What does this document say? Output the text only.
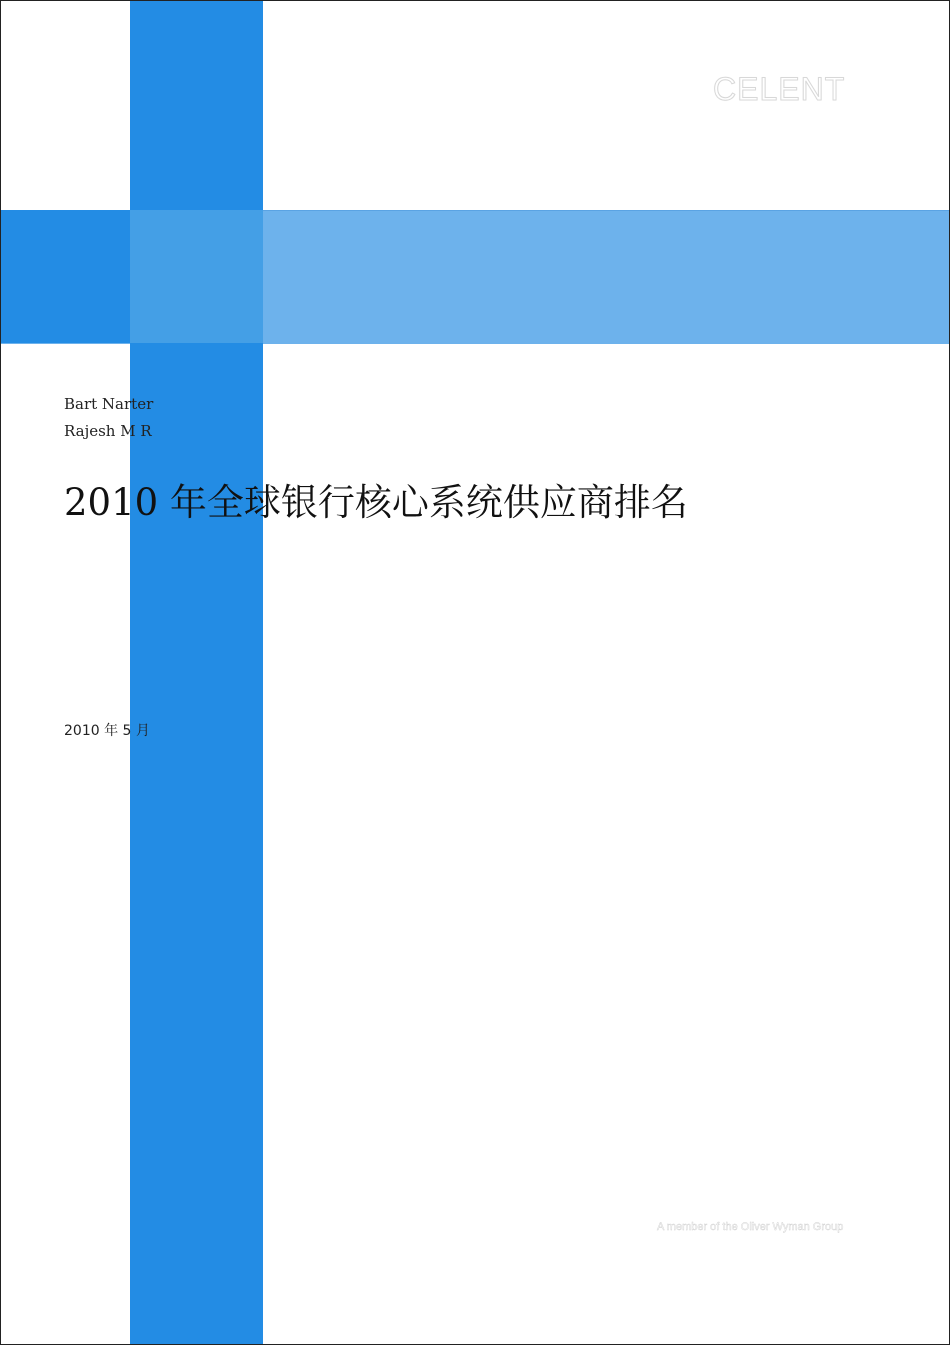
CELENT
Bart Narter
Rajesh M R
2010 年全球银行核心系统供应商排名
2010 年 5 月
A member of the Oliver Wyman Group
